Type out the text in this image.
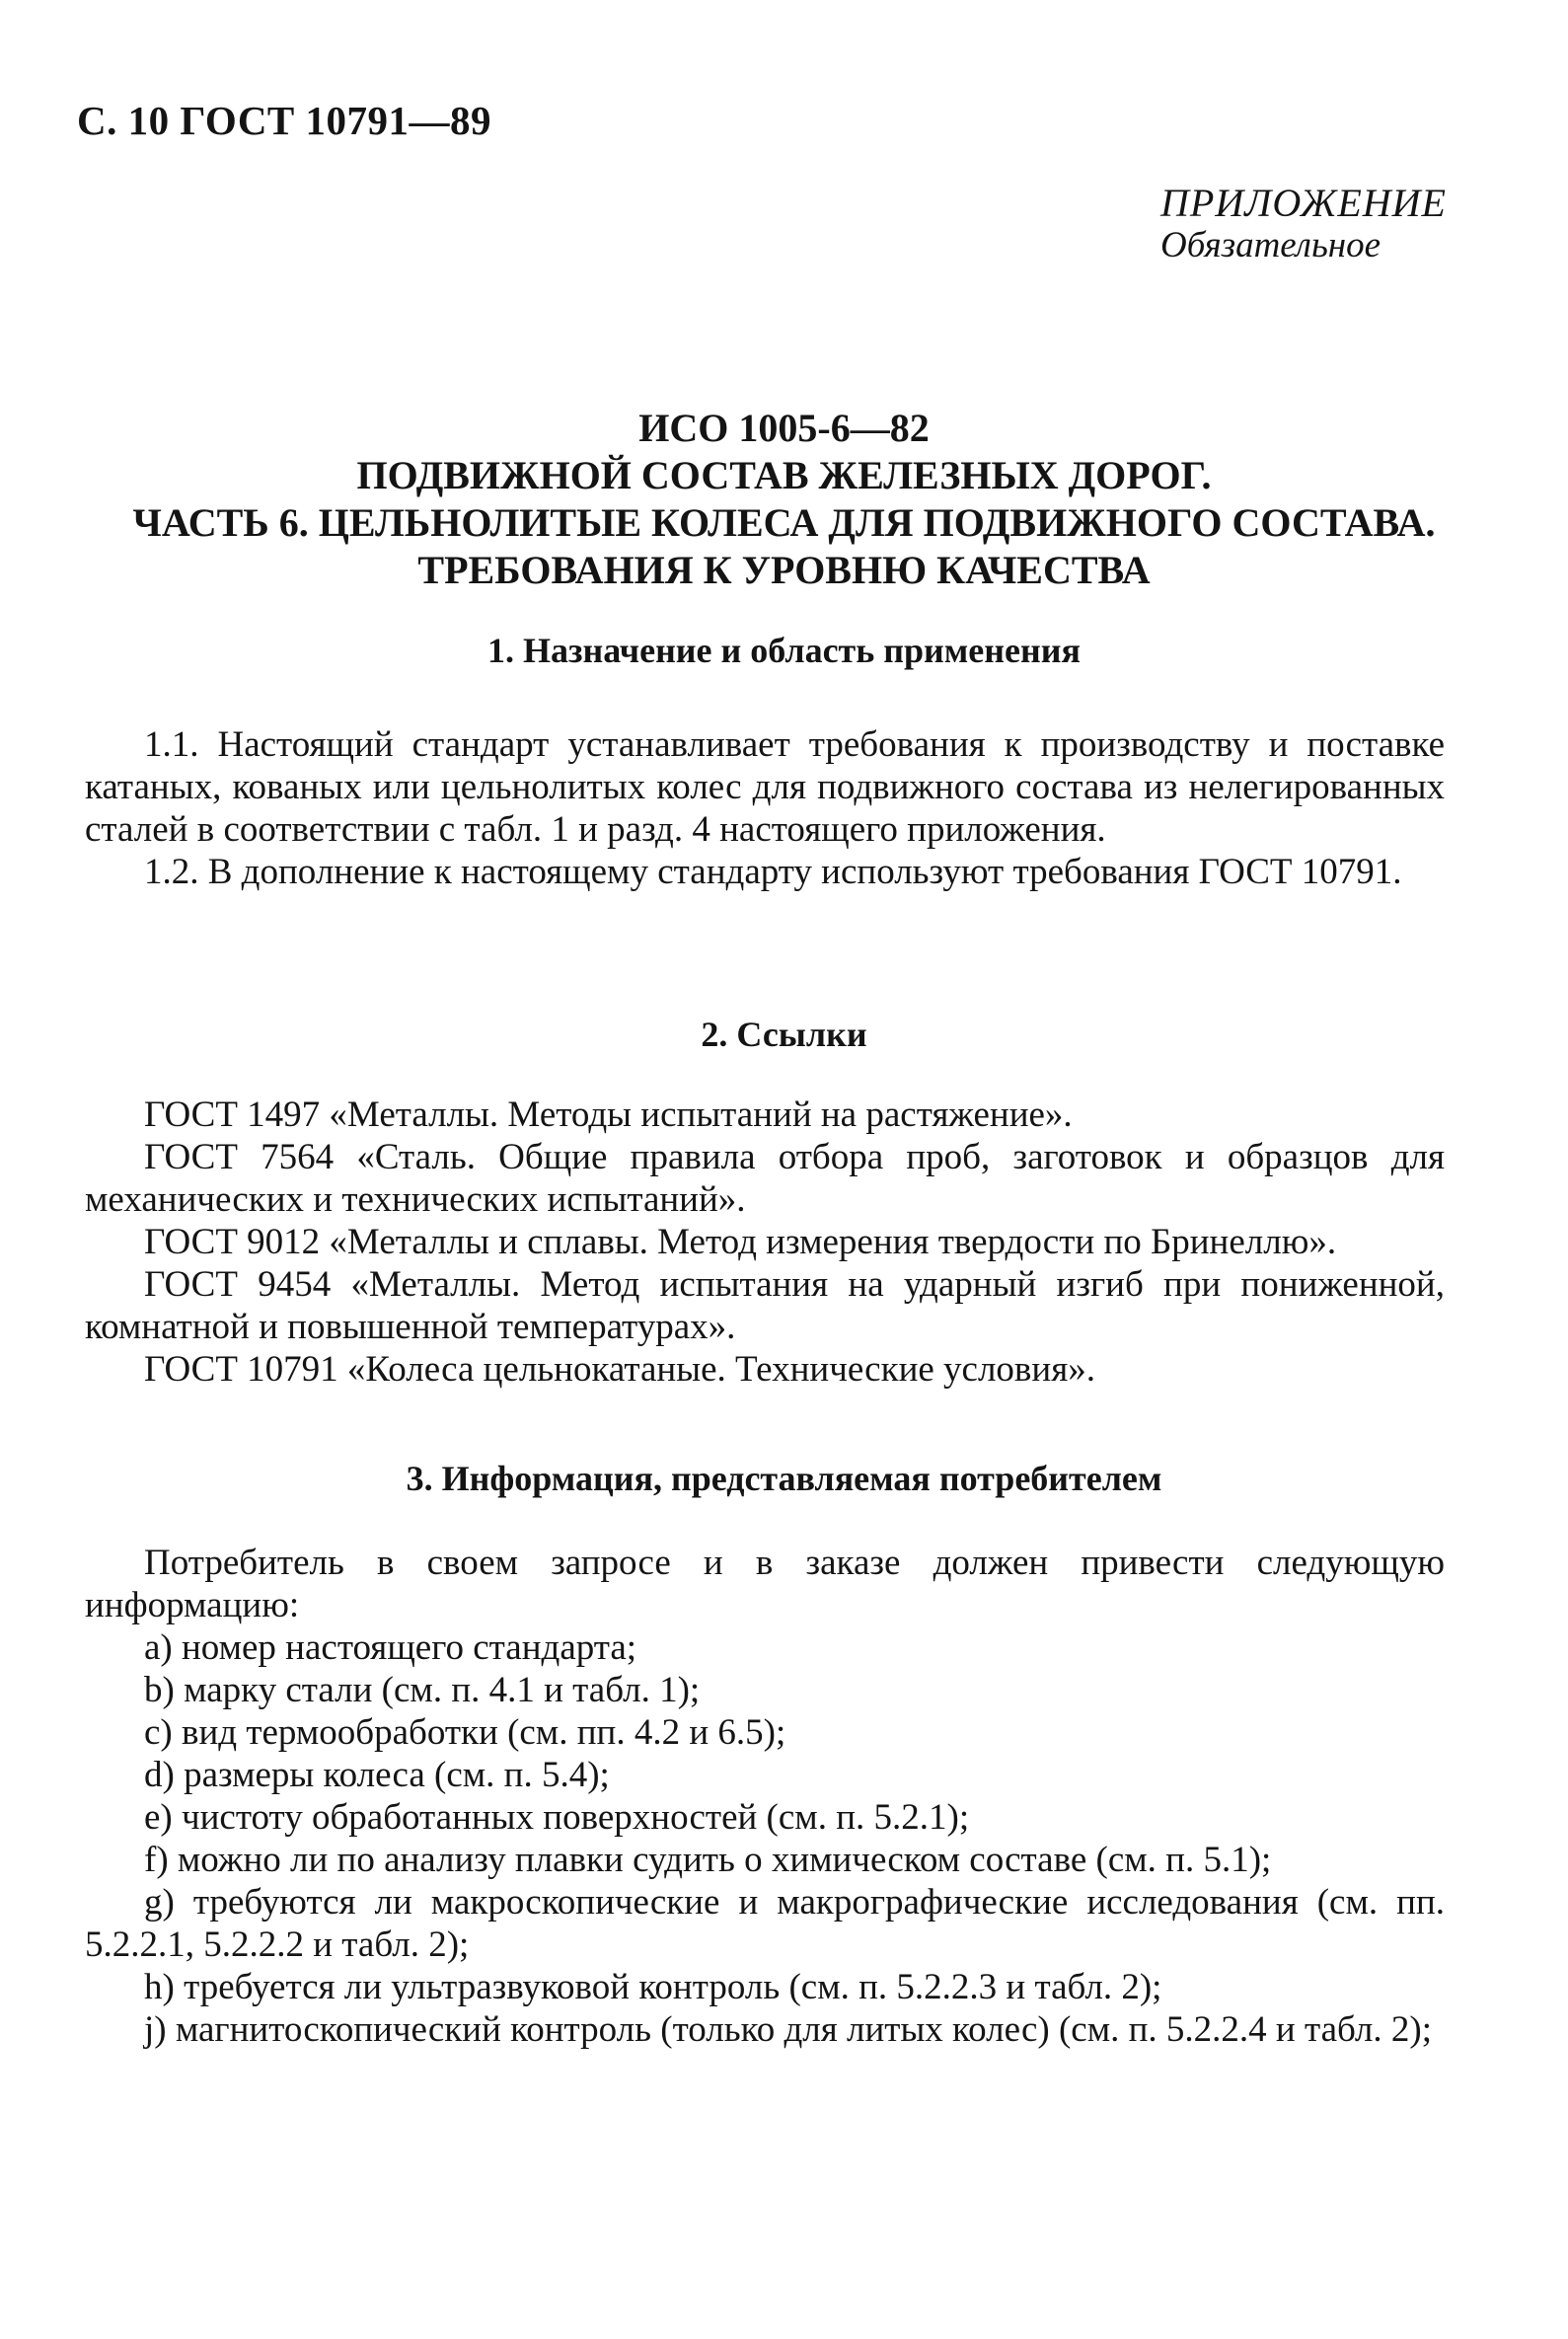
С. 10 ГОСТ 10791—89
ПРИЛОЖЕНИЕ
Обязательное
ИСО 1005-6—82
ПОДВИЖНОЙ СОСТАВ ЖЕЛЕЗНЫХ ДОРОГ.
ЧАСТЬ 6. ЦЕЛЬНОЛИТЫЕ КОЛЕСА ДЛЯ ПОДВИЖНОГО СОСТАВА.
ТРЕБОВАНИЯ К УРОВНЮ КАЧЕСТВА
1. Назначение и область применения

1.1. Настоящий стандарт устанавливает требования к производству и поставке катаных, кованых или цельнолитых колес для подвижного состава из нелегированных сталей в соответствии с табл. 1 и разд. 4 настоящего приложения.

1.2. В дополнение к настоящему стандарту используют требования ГОСТ 10791.

2. Ссылки

ГОСТ 1497 «Металлы. Методы испытаний на растяжение».

ГОСТ 7564 «Сталь. Общие правила отбора проб, заготовок и образцов для механических и технических испытаний».

ГОСТ 9012 «Металлы и сплавы. Метод измерения твердости по Бринеллю».

ГОСТ 9454 «Металлы. Метод испытания на ударный изгиб при пониженной, комнатной и повышенной температурах».

ГОСТ 10791 «Колеса цельнокатаные. Технические условия».

3. Информация, представляемая потребителем

Потребитель в своем запросе и в заказе должен привести следующую информацию:

a) номер настоящего стандарта;

b) марку стали (см. п. 4.1 и табл. 1);

c) вид термообработки (см. пп. 4.2 и 6.5);

d) размеры колеса (см. п. 5.4);

e) чистоту обработанных поверхностей (см. п. 5.2.1);

f) можно ли по анализу плавки судить о химическом составе (см. п. 5.1);

g) требуются ли макроскопические и макрографические исследования (см. пп. 5.2.2.1, 5.2.2.2 и табл. 2);

h) требуется ли ультразвуковой контроль (см. п. 5.2.2.3 и табл. 2);

j) магнитоскопический контроль (только для литых колес) (см. п. 5.2.2.4 и табл. 2);
